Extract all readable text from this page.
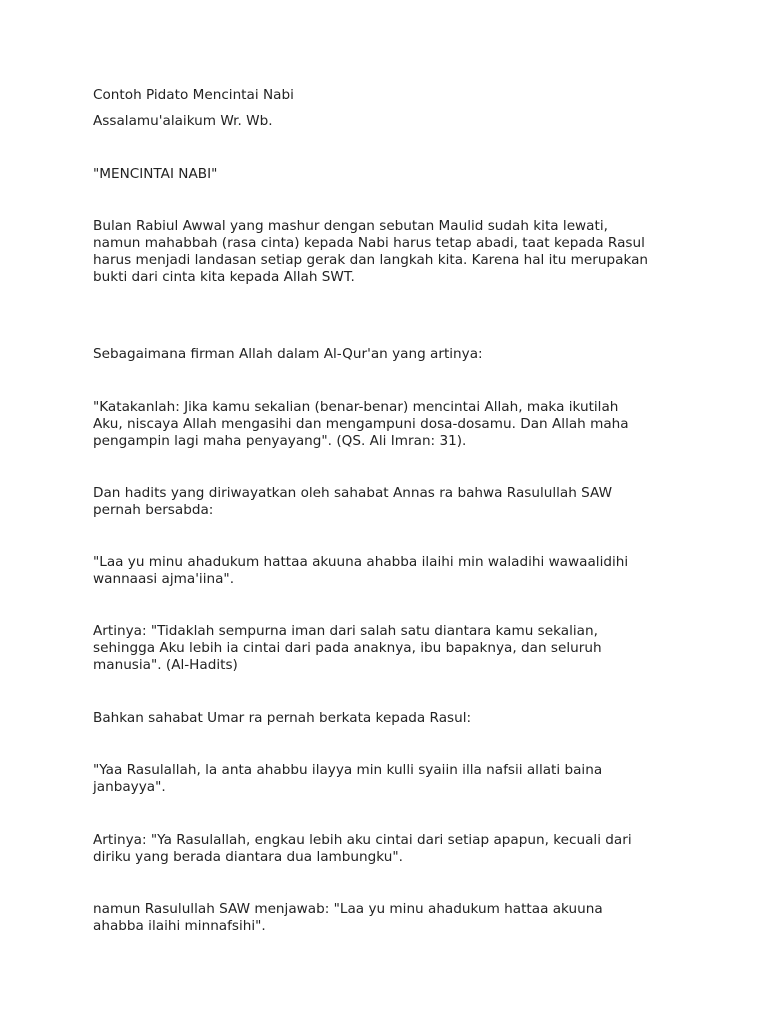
Contoh Pidato Mencintai Nabi

Assalamu'alaikum Wr. Wb.

"MENCINTAI NABI"

Bulan Rabiul Awwal yang mashur dengan sebutan Maulid sudah kita lewati,
namun mahabbah (rasa cinta) kepada Nabi harus tetap abadi, taat kepada Rasul
harus menjadi landasan setiap gerak dan langkah kita. Karena hal itu merupakan
bukti dari cinta kita kepada Allah SWT.

Sebagaimana firman Allah dalam Al-Qur'an yang artinya:

"Katakanlah: Jika kamu sekalian (benar-benar) mencintai Allah, maka ikutilah
Aku, niscaya Allah mengasihi dan mengampuni dosa-dosamu. Dan Allah maha
pengampin lagi maha penyayang". (QS. Ali Imran: 31).

Dan hadits yang diriwayatkan oleh sahabat Annas ra bahwa Rasulullah SAW
pernah bersabda:

"Laa yu minu ahadukum hattaa akuuna ahabba ilaihi min waladihi wawaalidihi
wannaasi ajma'iina".

Artinya: "Tidaklah sempurna iman dari salah satu diantara kamu sekalian,
sehingga Aku lebih ia cintai dari pada anaknya, ibu bapaknya, dan seluruh
manusia". (Al-Hadits)

Bahkan sahabat Umar ra pernah berkata kepada Rasul:

"Yaa Rasulallah, la anta ahabbu ilayya min kulli syaiin illa nafsii allati baina
janbayya".

Artinya: "Ya Rasulallah, engkau lebih aku cintai dari setiap apapun, kecuali dari
diriku yang berada diantara dua lambungku".

namun Rasulullah SAW menjawab: "Laa yu minu ahadukum hattaa akuuna
ahabba ilaihi minnafsihi".
